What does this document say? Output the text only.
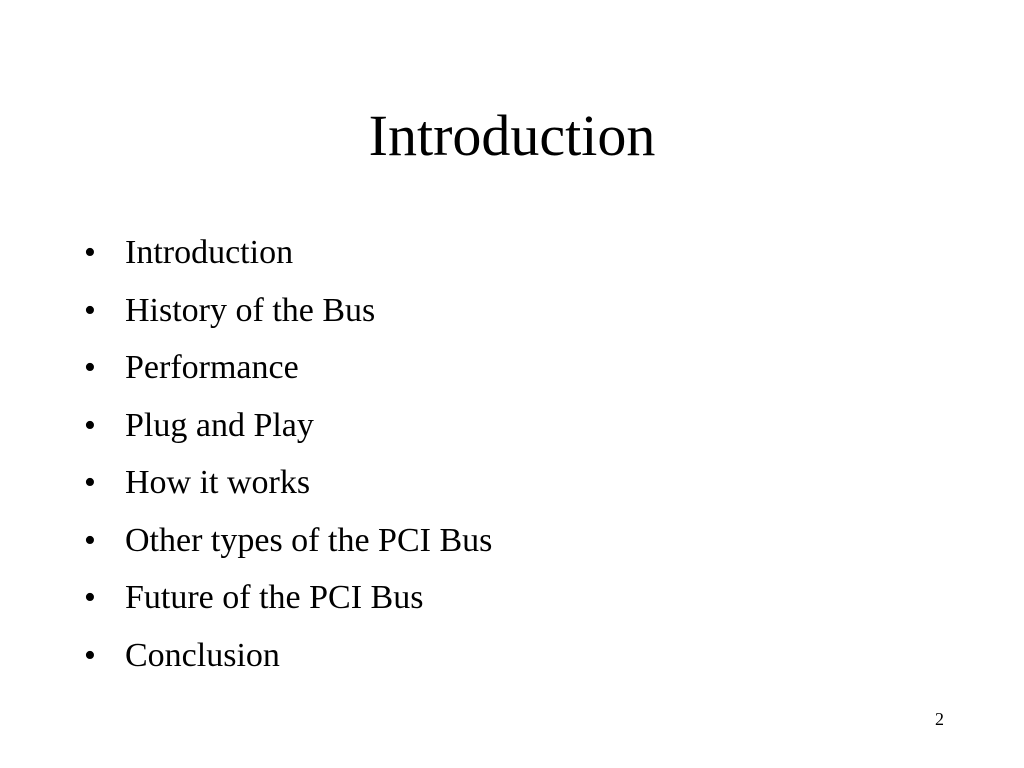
Introduction
• Introduction
• History of the Bus
• Performance
• Plug and Play
• How it works
• Other types of the PCI Bus
• Future of the PCI Bus
• Conclusion
2
